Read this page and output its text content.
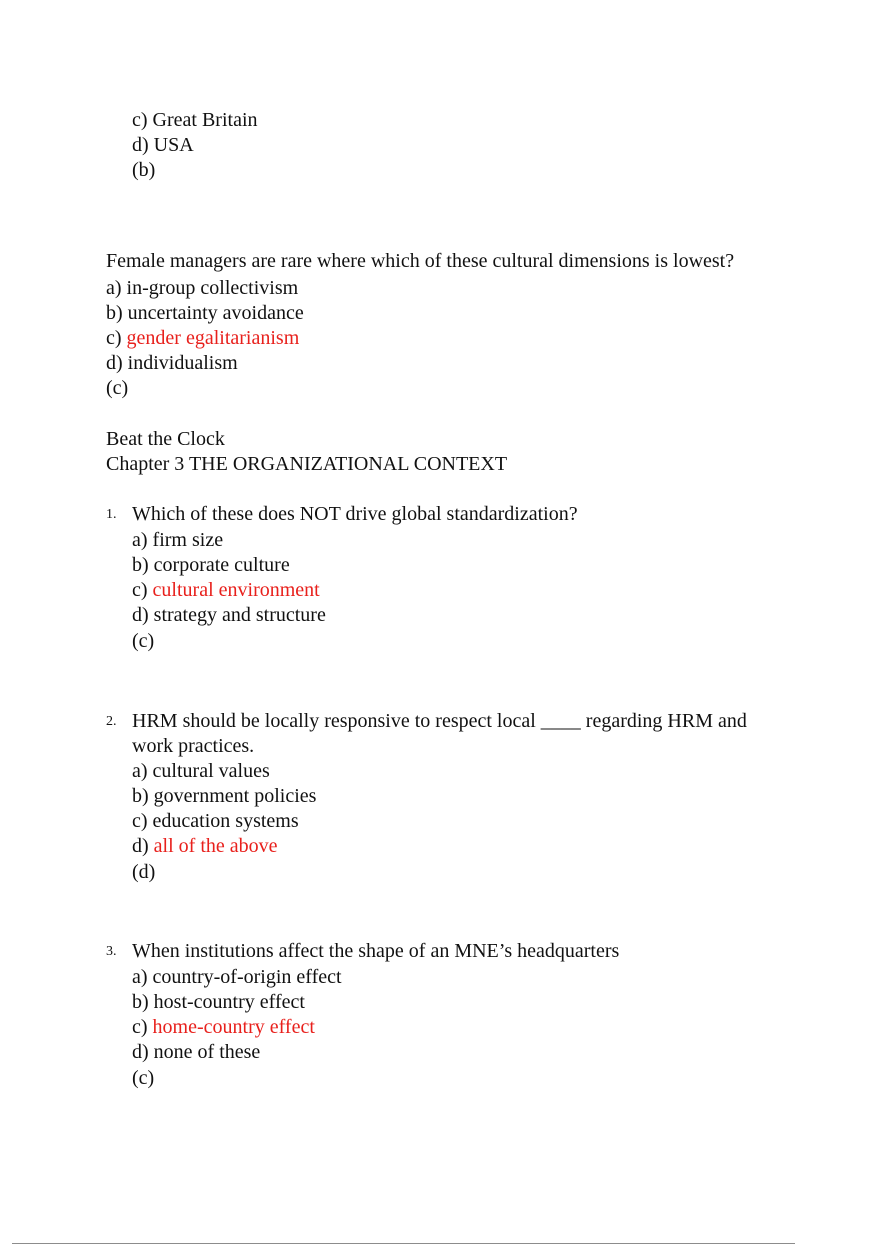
c) Great Britain
d) USA
(b)
Female managers are rare where which of these cultural dimensions is lowest?
a) in-group collectivism
b) uncertainty avoidance
c) gender egalitarianism
d) individualism
(c)
Beat the Clock
Chapter 3 THE ORGANIZATIONAL CONTEXT
1. Which of these does NOT drive global standardization?
a) firm size
b) corporate culture
c) cultural environment
d) strategy and structure
(c)
2. HRM should be locally responsive to respect local ____ regarding HRM and
work practices.
a) cultural values
b) government policies
c) education systems
d) all of the above
(d)
3. When institutions affect the shape of an MNE’s headquarters
a) country-of-origin effect
b) host-country effect
c) home-country effect
d) none of these
(c)
